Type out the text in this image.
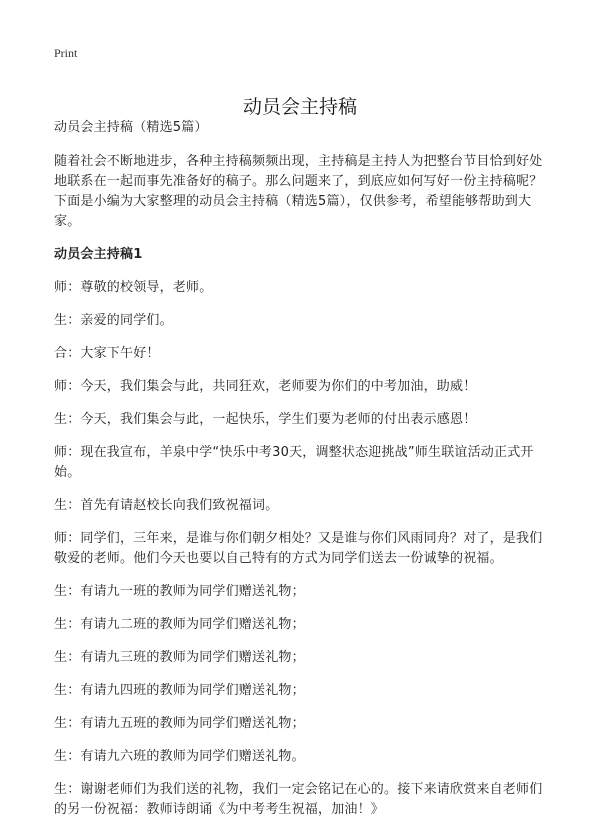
Print
动员会主持稿

动员会主持稿（精选5篇）

随着社会不断地进步，各种主持稿频频出现，主持稿是主持人为把整台节目恰到好处地联系在一起而事先准备好的稿子。那么问题来了，到底应如何写好一份主持稿呢？下面是小编为大家整理的动员会主持稿（精选5篇），仅供参考，希望能够帮助到大家。

动员会主持稿1

师：尊敬的校领导，老师。

生：亲爱的同学们。

合：大家下午好！

师：今天，我们集会与此，共同狂欢，老师要为你们的中考加油，助威！

生：今天，我们集会与此，一起快乐，学生们要为老师的付出表示感恩！

师：现在我宣布，羊泉中学“快乐中考30天，调整状态迎挑战”师生联谊活动正式开始。

生：首先有请赵校长向我们致祝福词。

师：同学们，三年来，是谁与你们朝夕相处？又是谁与你们风雨同舟？对了，是我们敬爱的老师。他们今天也要以自己特有的方式为同学们送去一份诚挚的祝福。

生：有请九一班的教师为同学们赠送礼物；

生：有请九二班的教师为同学们赠送礼物；

生：有请九三班的教师为同学们赠送礼物；

生：有请九四班的教师为同学们赠送礼物；

生：有请九五班的教师为同学们赠送礼物；

生：有请九六班的教师为同学们赠送礼物。

生：谢谢老师们为我们送的礼物，我们一定会铭记在心的。接下来请欣赏来自老师们的另一份祝福：教师诗朗诵《为中考考生祝福，加油！》
